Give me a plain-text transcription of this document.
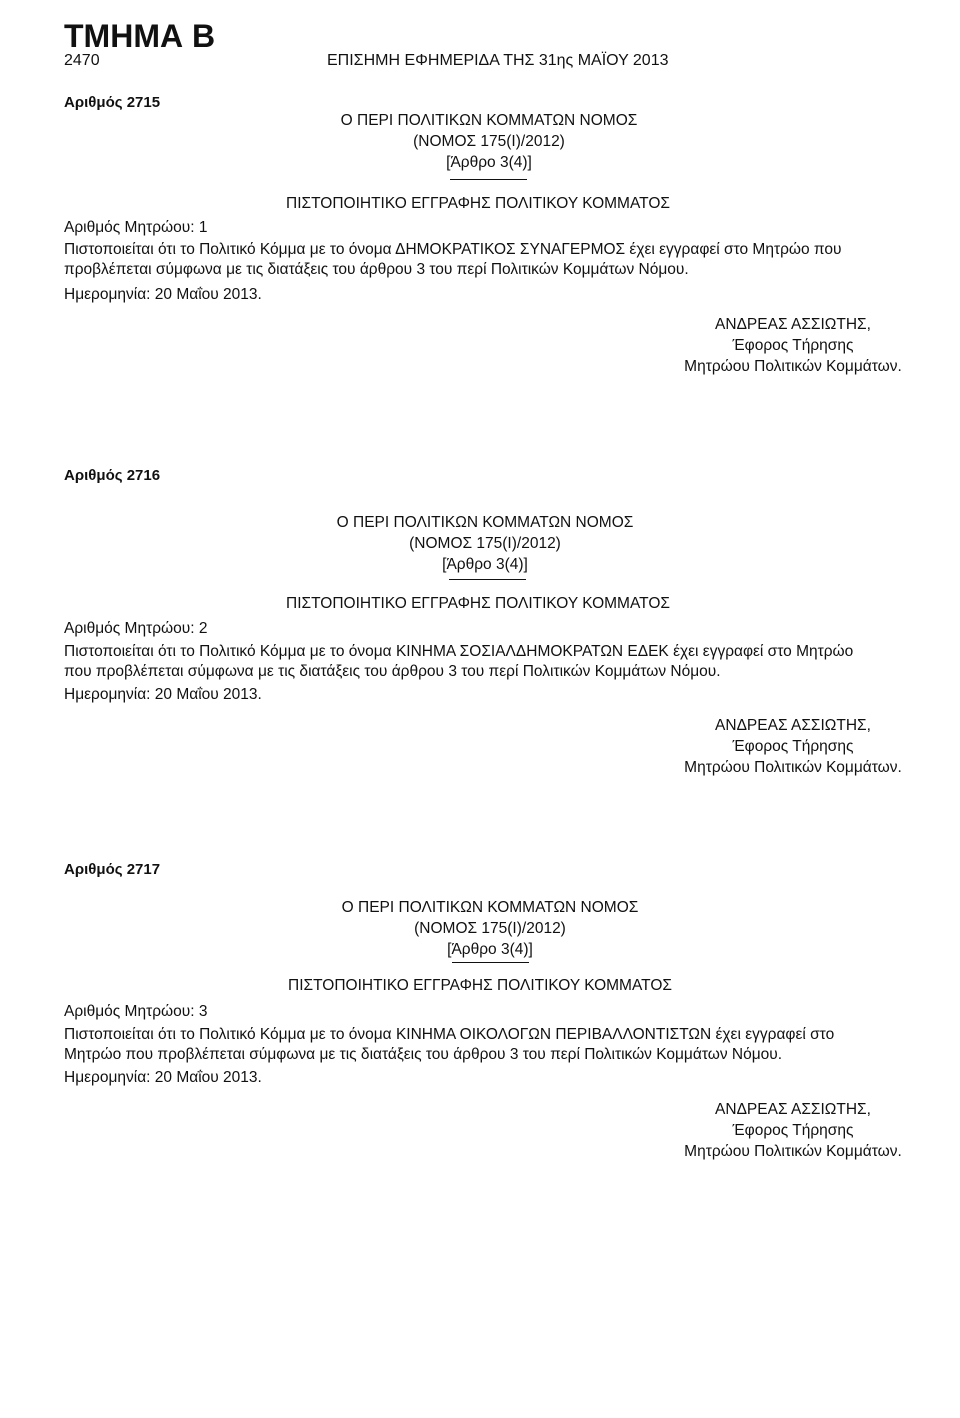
ΤΜΗΜΑ Β
2470	ΕΠΙΣΗΜΗ ΕΦΗΜΕΡΙΔΑ ΤΗΣ 31ης ΜΑΪΟΥ 2013
Αριθμός 2715
Ο ΠΕΡΙ ΠΟΛΙΤΙΚΩΝ ΚΟΜΜΑΤΩΝ ΝΟΜΟΣ
(ΝΟΜΟΣ 175(Ι)/2012)
[Άρθρο 3(4)]
ΠΙΣΤΟΠΟΙΗΤΙΚΟ ΕΓΓΡΑΦΗΣ ΠΟΛΙΤΙΚΟΥ ΚΟΜΜΑΤΟΣ
Αριθμός Μητρώου: 1
Πιστοποιείται ότι το Πολιτικό Κόμμα με το όνομα ΔΗΜΟΚΡΑΤΙΚΟΣ ΣΥΝΑΓΕΡΜΟΣ έχει εγγραφεί στο Μητρώο που
προβλέπεται σύμφωνα με τις διατάξεις του άρθρου 3 του περί Πολιτικών Κομμάτων Νόμου.
Ημερομηνία: 20 Μαΐου 2013.
ΑΝΔΡΕΑΣ ΑΣΣΙΩΤΗΣ,
Έφορος Τήρησης
Μητρώου Πολιτικών Κομμάτων.
Αριθμός 2716
Ο ΠΕΡΙ ΠΟΛΙΤΙΚΩΝ ΚΟΜΜΑΤΩΝ ΝΟΜΟΣ
(ΝΟΜΟΣ 175(Ι)/2012)
[Άρθρο 3(4)]
ΠΙΣΤΟΠΟΙΗΤΙΚΟ ΕΓΓΡΑΦΗΣ ΠΟΛΙΤΙΚΟΥ ΚΟΜΜΑΤΟΣ
Αριθμός Μητρώου: 2
Πιστοποιείται ότι το Πολιτικό Κόμμα με το όνομα ΚΙΝΗΜΑ ΣΟΣΙΑΛΔΗΜΟΚΡΑΤΩΝ ΕΔΕΚ έχει εγγραφεί στο Μητρώο
που προβλέπεται σύμφωνα με τις διατάξεις του άρθρου 3 του περί Πολιτικών Κομμάτων Νόμου.
Ημερομηνία: 20 Μαΐου 2013.
ΑΝΔΡΕΑΣ ΑΣΣΙΩΤΗΣ,
Έφορος Τήρησης
Μητρώου Πολιτικών Κομμάτων.
Αριθμός 2717
Ο ΠΕΡΙ ΠΟΛΙΤΙΚΩΝ ΚΟΜΜΑΤΩΝ ΝΟΜΟΣ
(ΝΟΜΟΣ 175(Ι)/2012)
[Άρθρο 3(4)]
ΠΙΣΤΟΠΟΙΗΤΙΚΟ ΕΓΓΡΑΦΗΣ ΠΟΛΙΤΙΚΟΥ ΚΟΜΜΑΤΟΣ
Αριθμός Μητρώου: 3
Πιστοποιείται ότι το Πολιτικό Κόμμα με το όνομα ΚΙΝΗΜΑ ΟΙΚΟΛΟΓΩΝ ΠΕΡΙΒΑΛΛΟΝΤΙΣΤΩΝ έχει εγγραφεί στο
Μητρώο που προβλέπεται σύμφωνα με τις διατάξεις του άρθρου 3 του περί Πολιτικών Κομμάτων Νόμου.
Ημερομηνία: 20 Μαΐου 2013.
ΑΝΔΡΕΑΣ ΑΣΣΙΩΤΗΣ,
Έφορος Τήρησης
Μητρώου Πολιτικών Κομμάτων.
